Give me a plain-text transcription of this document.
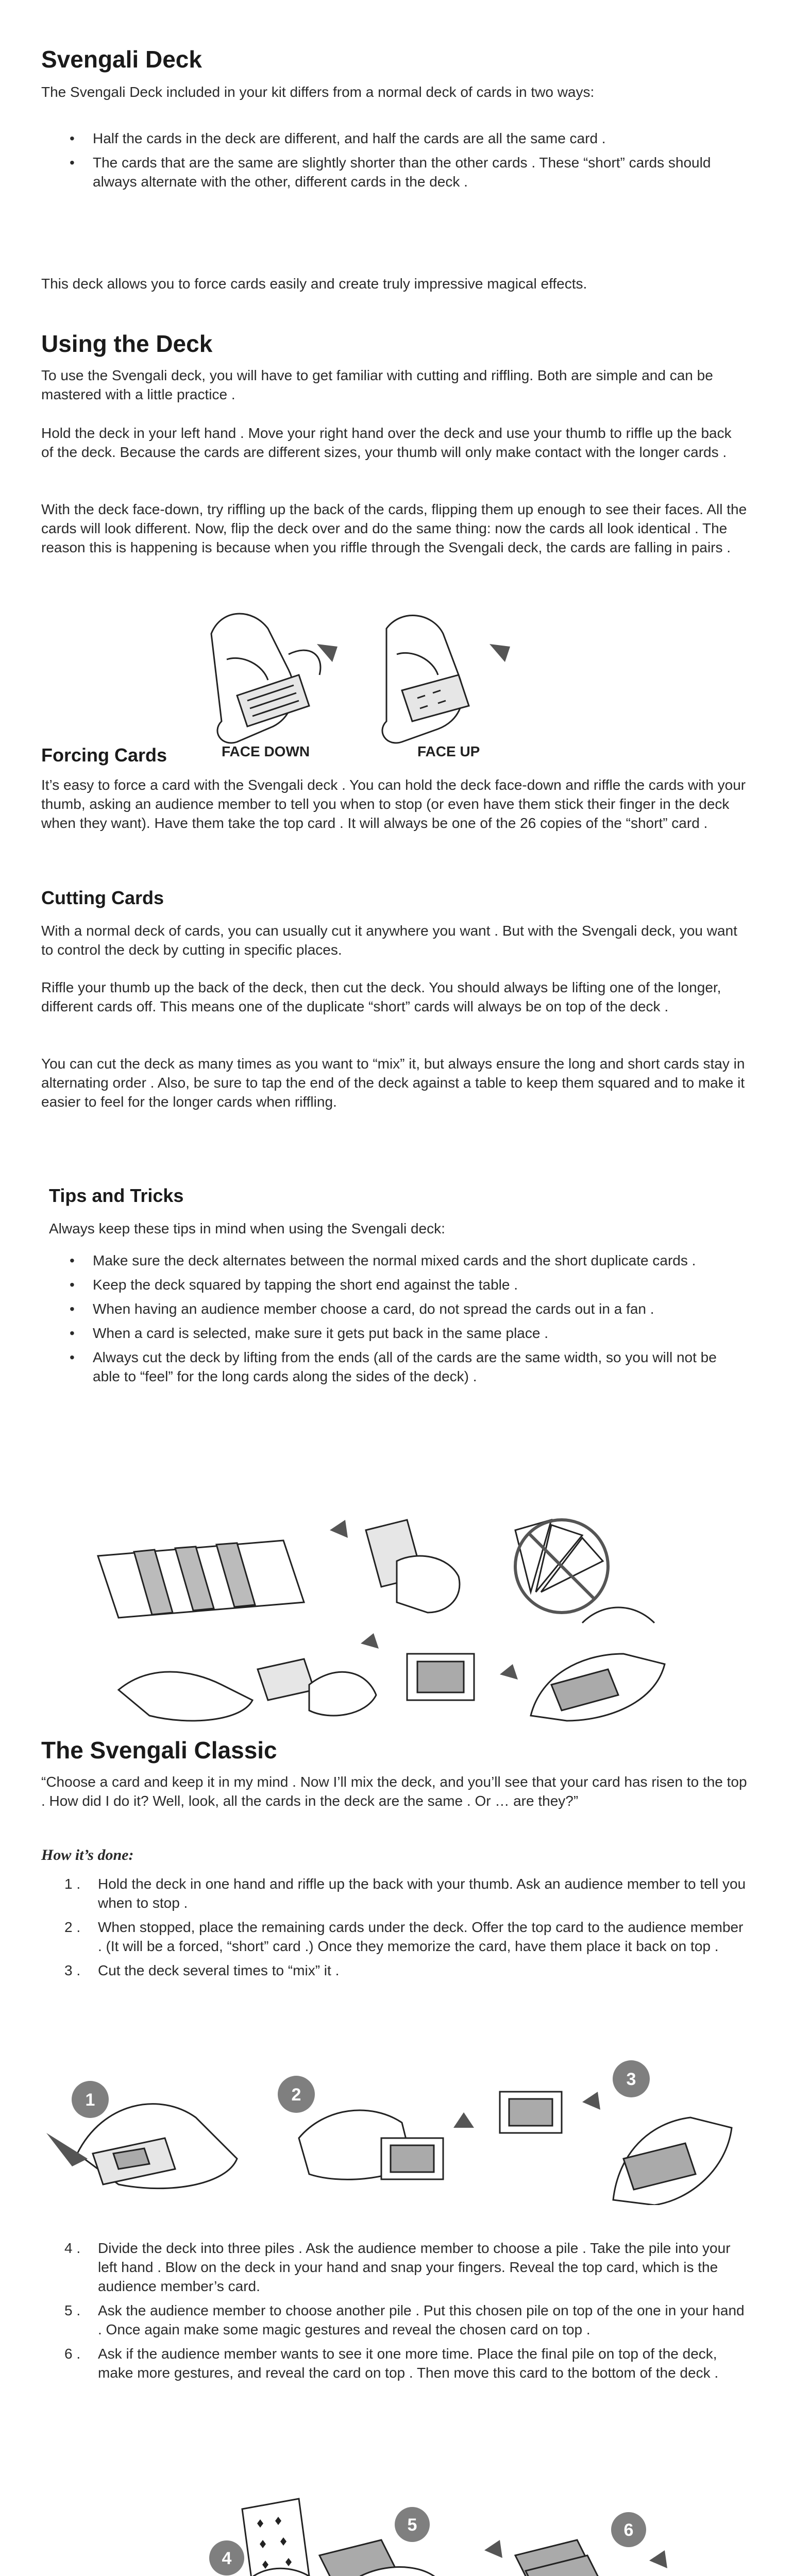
Svengali Deck

The Svengali Deck included in your kit differs from a normal deck of cards in two ways:

• Half the cards in the deck are different, and half the cards are all the same card .
• The cards that are the same are slightly shorter than the other cards . These “short” cards should always alternate with the other, different cards in the deck .

This deck allows you to force cards easily and create truly impressive magical effects.

Using the Deck

To use the Svengali deck, you will have to get familiar with cutting and riffling. Both are simple and can be mastered with a little practice .

Hold the deck in your left hand . Move your right hand over the deck and use your thumb to riffle up the back of the deck. Because the cards are different sizes, your thumb will only make contact with the longer cards .

With the deck face-down, try riffling up the back of the cards, flipping them up enough to see their faces. All the cards will look different. Now, flip the deck over and do the same thing: now the cards all look identical . The reason this is happening is because when you riffle through the Svengali deck, the cards are falling in pairs .

FACE DOWN	FACE UP
Forcing Cards

It’s easy to force a card with the Svengali deck . You can hold the deck face-down and riffle the cards with your thumb, asking an audience member to tell you when to stop (or even have them stick their finger in the deck when they want). Have them take the top card . It will always be one of the 26 copies of the “short” card .

Cutting Cards

With a normal deck of cards, you can usually cut it anywhere you want . But with the Svengali deck, you want to control the deck by cutting in specific places.

Riffle your thumb up the back of the deck, then cut the deck. You should always be lifting one of the longer, different cards off. This means one of the duplicate “short” cards will always be on top of the deck .

You can cut the deck as many times as you want to “mix” it, but always ensure the long and short cards stay in alternating order . Also, be sure to tap the end of the deck against a table to keep them squared and to make it easier to feel for the longer cards when riffling.

Tips and Tricks

Always keep these tips in mind when using the Svengali deck:

• Make sure the deck alternates between the normal mixed cards and the short duplicate cards .
• Keep the deck squared by tapping the short end against the table .
• When having an audience member choose a card, do not spread the cards out in a fan .
• When a card is selected, make sure it gets put back in the same place .
• Always cut the deck by lifting from the ends (all of the cards are the same width, so you will not be able to “feel” for the long cards along the sides of the deck) .
The Svengali Classic

“Choose a card and keep it in my mind . Now I’ll mix the deck, and you’ll see that your card has risen to the top . How did I do it? Well, look, all the cards in the deck are the same . Or … are they?”

How it’s done:

1 . Hold the deck in one hand and riffle up the back with your thumb. Ask an audience member to tell you when to stop .
2 . When stopped, place the remaining cards under the deck. Offer the top card to the audience member . (It will be a forced, “short” card .) Once they memorize the card, have them place it back on top .
3 . Cut the deck several times to “mix” it .
1	2
3
4 . Divide the deck into three piles . Ask the audience member to choose a pile . Take the pile into your left hand . Blow on the deck in your hand and snap your fingers. Reveal the top card, which is the audience member’s card.
5 . Ask the audience member to choose another pile . Put this chosen pile on top of the one in your hand . Once again make some magic gestures and reveal the chosen card on top .
6 . Ask if the audience member wants to see it one more time. Place the final pile on top of the deck, make more gestures, and reveal the card on top . Then move this card to the bottom of the deck .
4
5	6
